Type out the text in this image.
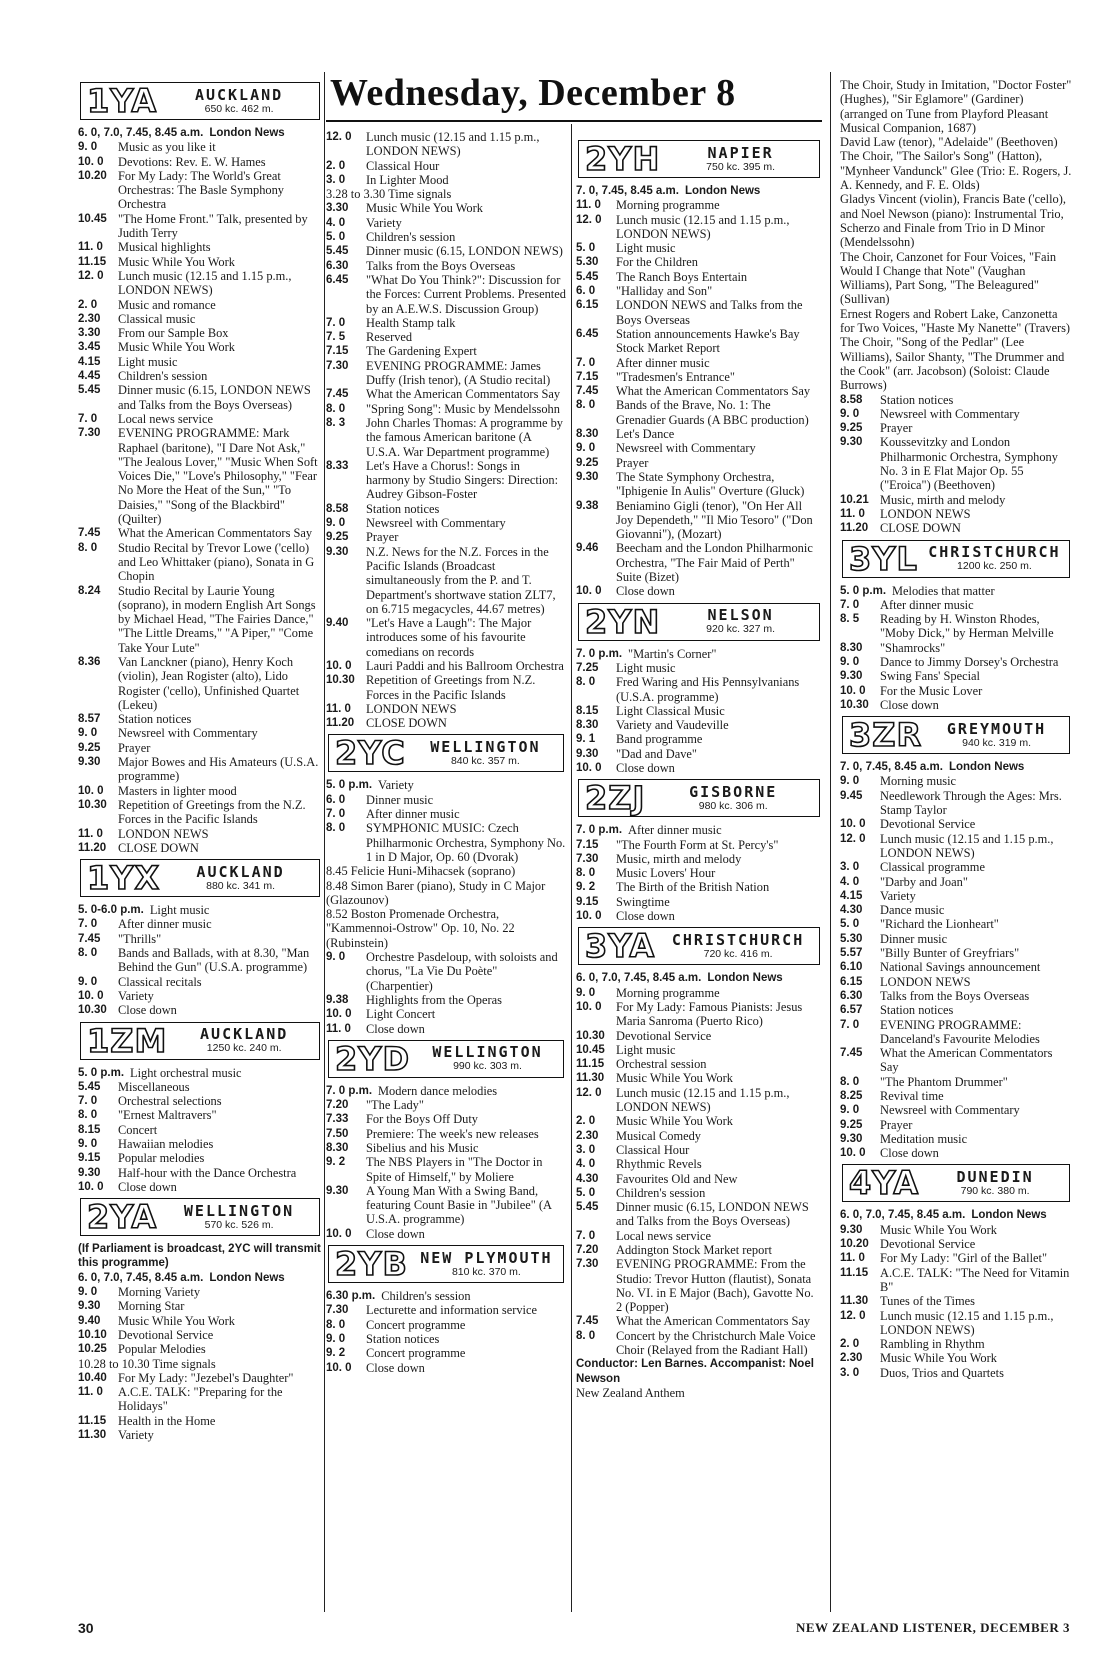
Wednesday, December 8
1YA	AUCKLAND
650 kc. 462 m.
6. 0, 7.0, 7.45, 8.45 a.m. London News
9. 0	Music as you like it
10. 0	Devotions: Rev. E. W. Hames
10.20 For My Lady: The World's Great Orchestras: The Basle Symphony Orchestra
10.45 "The Home Front." Talk, presented by Judith Terry
11. 0	Musical highlights
11.15 Music While You Work
12. 0	Lunch music (12.15 and 1.15 p.m., LONDON NEWS)
2. 0	Music and romance
2.30	Classical music
3.30	From our Sample Box
3.45	Music While You Work
4.15	Light music
4.45	Children's session
5.45	Dinner music (6.15, LONDON NEWS and Talks from the Boys Overseas)
7. 0	Local news service
7.30	EVENING PROGRAMME: Mark Raphael (baritone), "I Dare Not Ask," "The Jealous Lover," "Music When Soft Voices Die," "Love's Philosophy," "Fear No More the Heat of the Sun," "To Daisies," "Song of the Blackbird" (Quilter)
7.45	What the American Commentators Say
8. 0	Studio Recital by Trevor Lowe ('cello) and Leo Whittaker (piano), Sonata in G Chopin
8.24	Studio Recital by Laurie Young (soprano), in modern English Art Songs by Michael Head, "The Fairies Dance," "The Little Dreams," "A Piper," "Come Take Your Lute"
8.36	Van Lanckner (piano), Henry Koch (violin), Jean Rogister (alto), Lido Rogister ('cello), Unfinished Quartet (Lekeu)
8.57	Station notices
9. 0	Newsreel with Commentary
9.25	Prayer
9.30	Major Bowes and His Amateurs (U.S.A. programme)
10. 0	Masters in lighter mood
10.30 Repetition of Greetings from the N.Z. Forces in the Pacific Islands
11. 0	LONDON NEWS
11.20 CLOSE DOWN
1YX	AUCKLAND
880 kc. 341 m.
5. 0-6.0 p.m. Light music
7. 0	After dinner music
7.45	"Thrills"
8. 0	Bands and Ballads, with at 8.30, "Man Behind the Gun" (U.S.A. programme)
9. 0	Classical recitals
10. 0	Variety
10.30 Close down
1ZM	AUCKLAND
1250 kc. 240 m.
5. 0 p.m. Light orchestral music
5.45	Miscellaneous
7. 0	Orchestral selections
8. 0	"Ernest Maltravers"
8.15	Concert
9. 0	Hawaiian melodies
9.15	Popular melodies
9.30	Half-hour with the Dance Orchestra
10. 0	Close down
2YA	WELLINGTON
570 kc. 526 m.
(If Parliament is broadcast, 2YC will transmit this programme)
6. 0, 7.0, 7.45, 8.45 a.m. London News
9. 0	Morning Variety
9.30	Morning Star
9.40	Music While You Work
10.10 Devotional Service
10.25 Popular Melodies
10.28 to 10.30 Time signals
10.40 For My Lady: "Jezebel's Daughter"
11. 0	A.C.E. TALK: "Preparing for the Holidays"
11.15 Health in the Home
11.30 Variety
12. 0	Lunch music (12.15 and 1.15 p.m., LONDON NEWS)
2. 0	Classical Hour
3. 0	In Lighter Mood
3.28 to 3.30 Time signals
3.30	Music While You Work
4. 0	Variety
5. 0	Children's session
5.45	Dinner music (6.15, LONDON NEWS)
6.30	Talks from the Boys Overseas
6.45	"What Do You Think?": Discussion for the Forces: Current Problems. Presented by an A.E.W.S. Discussion Group)
7. 0	Health Stamp talk
7. 5	Reserved
7.15	The Gardening Expert
7.30	EVENING PROGRAMME: James Duffy (Irish tenor), (A Studio recital)
7.45	What the American Commentators Say
8. 0	"Spring Song": Music by Mendelssohn
8. 3	John Charles Thomas: A programme by the famous American baritone (A U.S.A. War Department programme)
8.33	Let's Have a Chorus!: Songs in harmony by Studio Singers: Direction: Audrey Gibson-Foster
8.58	Station notices
9. 0	Newsreel with Commentary
9.25	Prayer
9.30	N.Z. News for the N.Z. Forces in the Pacific Islands (Broadcast simultaneously from the P. and T. Department's shortwave station ZLT7, on 6.715 megacycles, 44.67 metres)
9.40	"Let's Have a Laugh": The Major introduces some of his favourite comedians on records
10. 0	Lauri Paddi and his Ballroom Orchestra
10.30 Repetition of Greetings from N.Z. Forces in the Pacific Islands
11. 0	LONDON NEWS
11.20 CLOSE DOWN
2YC	WELLINGTON
840 kc. 357 m.
5. 0 p.m. Variety
6. 0	Dinner music
7. 0	After dinner music
8. 0	SYMPHONIC MUSIC: Czech Philharmonic Orchestra, Symphony No. 1 in D Major, Op. 60 (Dvorak)
8.45 Felicie Huni-Mihacsek (soprano)
8.48 Simon Barer (piano), Study in C Major (Glazounov)
8.52 Boston Promenade Orchestra, "Kammennoi-Ostrow" Op. 10, No. 22 (Rubinstein)
9. 0	Orchestre Pasdeloup, with soloists and chorus, "La Vie Du Poète" (Charpentier)
9.38	Highlights from the Operas
10. 0	Light Concert
11. 0	Close down
2YD	WELLINGTON
990 kc. 303 m.
7. 0 p.m. Modern dance melodies
7.20	"The Lady"
7.33	For the Boys Off Duty
7.50	Premiere: The week's new releases
8.30	Sibelius and his Music
9. 2	The NBS Players in "The Doctor in Spite of Himself," by Moliere
9.30	A Young Man With a Swing Band, featuring Count Basie in "Jubilee" (A U.S.A. programme)
10. 0	Close down
2YB NEW PLYMOUTH
810 kc. 370 m.
6.30 p.m. Children's session
7.30	Lecturette and information service
8. 0	Concert programme
9. 0	Station notices
9. 2	Concert programme
10. 0	Close down
2YH	NAPIER
750 kc. 395 m.
7. 0, 7.45, 8.45 a.m. London News
11. 0	Morning programme
12. 0	Lunch music (12.15 and 1.15 p.m., LONDON NEWS)
5. 0	Light music
5.30	For the Children
5.45	The Ranch Boys Entertain
6. 0	"Halliday and Son"
6.15	LONDON NEWS and Talks from the Boys Overseas
6.45	Station announcements Hawke's Bay Stock Market Report
7. 0	After dinner music
7.15	"Tradesmen's Entrance"
7.45	What the American Commentators Say
8. 0	Bands of the Brave, No. 1: The Grenadier Guards (A BBC production)
8.30	Let's Dance
9. 0	Newsreel with Commentary
9.25	Prayer
9.30	The State Symphony Orchestra, "Iphigenie In Aulis" Overture (Gluck)
9.38	Beniamino Gigli (tenor), "On Her All Joy Dependeth," "Il Mio Tesoro" ("Don Giovanni"), (Mozart)
9.46	Beecham and the London Philharmonic Orchestra, "The Fair Maid of Perth" Suite (Bizet)
10. 0	Close down
2YN	NELSON
920 kc. 327 m.
7. 0 p.m. "Martin's Corner"
7.25	Light music
8. 0	Fred Waring and His Pennsylvanians (U.S.A. programme)
8.15	Light Classical Music
8.30	Variety and Vaudeville
9. 1	Band programme
9.30	"Dad and Dave"
10. 0	Close down
2ZJ	GISBORNE
980 kc. 306 m.
7. 0 p.m. After dinner music
7.15	"The Fourth Form at St. Percy's"
7.30	Music, mirth and melody
8. 0	Music Lovers' Hour
9. 2	The Birth of the British Nation
9.15	Swingtime
10. 0	Close down
3YA	CHRISTCHURCH
720 kc. 416 m.
6. 0, 7.0, 7.45, 8.45 a.m. London News
9. 0	Morning programme
10. 0	For My Lady: Famous Pianists: Jesus Maria Sanroma (Puerto Rico)
10.30 Devotional Service
10.45 Light music
11.15 Orchestral session
11.30 Music While You Work
12. 0	Lunch music (12.15 and 1.15 p.m., LONDON NEWS)
2. 0	Music While You Work
2.30	Musical Comedy
3. 0	Classical Hour
4. 0	Rhythmic Revels
4.30	Favourites Old and New
5. 0	Children's session
5.45	Dinner music (6.15, LONDON NEWS and Talks from the Boys Overseas)
7. 0	Local news service
7.20	Addington Stock Market report
7.30	EVENING PROGRAMME: From the Studio: Trevor Hutton (flautist), Sonata No. VI. in E Major (Bach), Gavotte No. 2 (Popper)
7.45	What the American Commentators Say
8. 0	Concert by the Christchurch Male Voice Choir (Relayed from the Radiant Hall)
Conductor: Len Barnes. Accompanist: Noel Newson
New Zealand Anthem
The Choir, Study in Imitation, "Doctor Foster" (Hughes), "Sir Eglamore" (Gardiner) (arranged on Tune from Playford Pleasant Musical Companion, 1687)
David Law (tenor), "Adelaide" (Beethoven)
The Choir, "The Sailor's Song" (Hatton), "Mynheer Vandunck" Glee (Trio: E. Rogers, J. A. Kennedy, and F. E. Olds)
Gladys Vincent (violin), Francis Bate ('cello), and Noel Newson (piano): Instrumental Trio, Scherzo and Finale from Trio in D Minor (Mendelssohn)
The Choir, Canzonet for Four Voices, "Fain Would I Change that Note" (Vaughan Williams), Part Song, "The Beleagured" (Sullivan)
Ernest Rogers and Robert Lake, Canzonetta for Two Voices, "Haste My Nanette" (Travers)
The Choir, "Song of the Pedlar" (Lee Williams), Sailor Shanty, "The Drummer and the Cook" (arr. Jacobson) (Soloist: Claude Burrows)
8.58	Station notices
9. 0	Newsreel with Commentary
9.25	Prayer
9.30	Koussevitzky and London Philharmonic Orchestra, Symphony No. 3 in E Flat Major Op. 55 ("Eroica") (Beethoven)
10.21 Music, mirth and melody
11. 0	LONDON NEWS
11.20 CLOSE DOWN
3YL CHRISTCHURCH
1200 kc. 250 m.
5. 0 p.m. Melodies that matter
7. 0	After dinner music
8. 5	Reading by H. Winston Rhodes, "Moby Dick," by Herman Melville
8.30	"Shamrocks"
9. 0	Dance to Jimmy Dorsey's Orchestra
9.30	Swing Fans' Special
10. 0	For the Music Lover
10.30 Close down
3ZR	GREYMOUTH
940 kc. 319 m.
7. 0, 7.45, 8.45 a.m. London News
9. 0	Morning music
9.45	Needlework Through the Ages: Mrs. Stamp Taylor
10. 0	Devotional Service
12. 0	Lunch music (12.15 and 1.15 p.m., LONDON NEWS)
3. 0	Classical programme
4. 0	"Darby and Joan"
4.15	Variety
4.30	Dance music
5. 0	"Richard the Lionheart"
5.30	Dinner music
5.57	"Billy Bunter of Greyfriars"
6.10	National Savings announcement
6.15	LONDON NEWS
6.30	Talks from the Boys Overseas
6.57	Station notices
7. 0	EVENING PROGRAMME: Danceland's Favourite Melodies
7.45	What the American Commentators Say
8. 0	"The Phantom Drummer"
8.25	Revival time
9. 0	Newsreel with Commentary
9.25	Prayer
9.30	Meditation music
10. 0	Close down
4YA	DUNEDIN
790 kc. 380 m.
6. 0, 7.0, 7.45, 8.45 a.m. London News
9.30	Music While You Work
10.20 Devotional Service
11. 0	For My Lady: "Girl of the Ballet"
11.15 A.C.E. TALK: "The Need for Vitamin B"
11.30 Tunes of the Times
12. 0	Lunch music (12.15 and 1.15 p.m., LONDON NEWS)
2. 0	Rambling in Rhythm
2.30	Music While You Work
3. 0	Duos, Trios and Quartets
30	NEW ZEALAND LISTENER, DECEMBER 3
